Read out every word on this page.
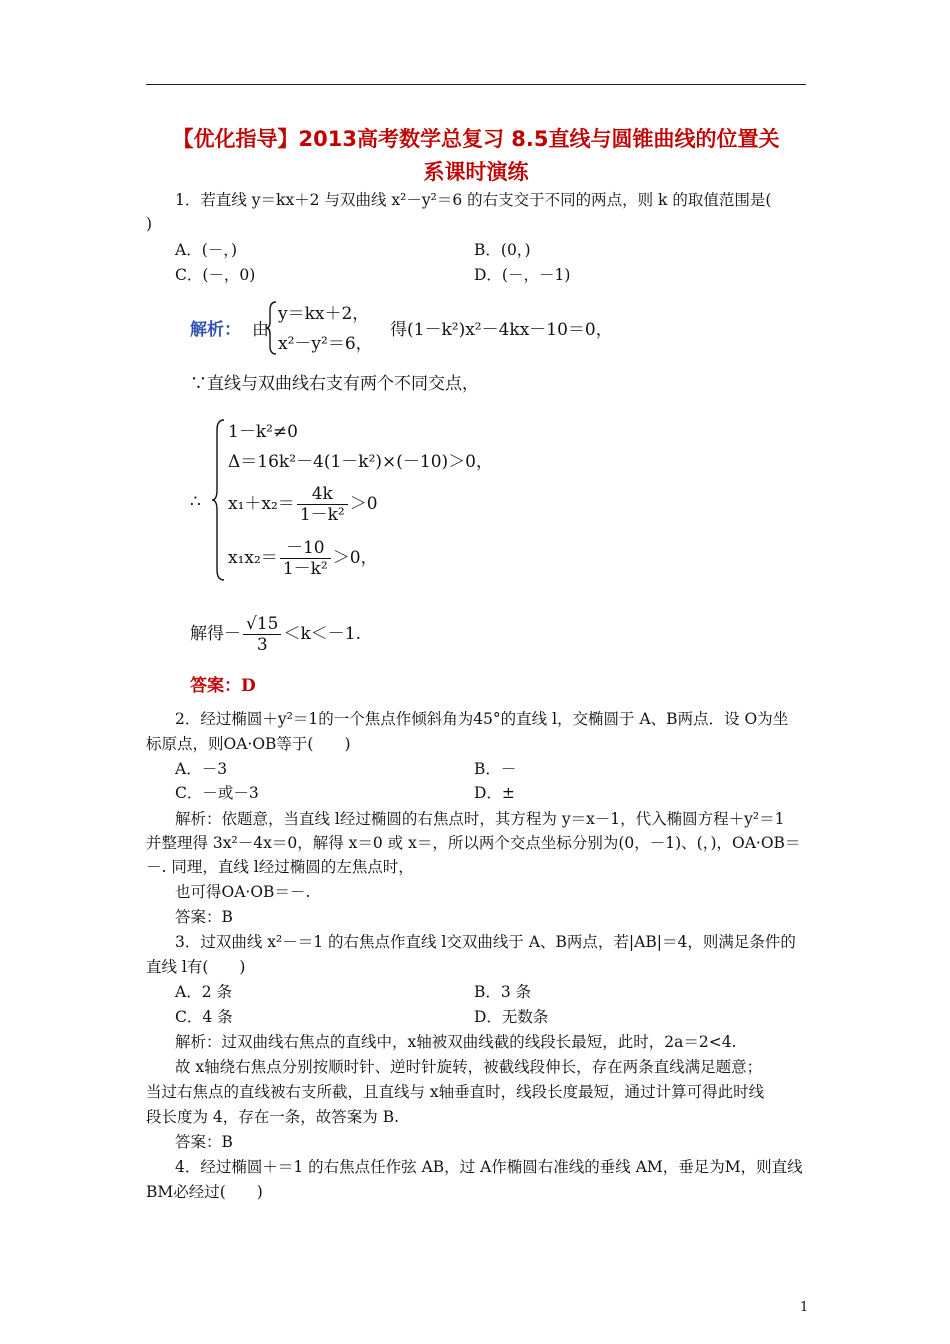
【优化指导】2013高考数学总复习 8.5直线与圆锥曲线的位置关
系课时演练
1．若直线 y＝kx＋2 与双曲线 x²－y²＝6 的右支交于不同的两点，则 k 的取值范围是(
)
A．(－，)	B．(0，)
C．(－，0)	D．(－，－1)
解析： 由
y＝kx＋2，
x²－y²＝6，
得(1－k²)x²－4kx－10＝0，
∵直线与双曲线右支有两个不同交点，
∴
1－k²≠0
Δ＝16k²－4(1－k²)×(－10)＞0，
$x_1+x_2= \frac{4k}{\text{1－k²}} >0$
$x_1x_2= \frac{-10}{\text{1－k²}} >0$，
解得－ $\frac{√15}{3} <k<-1$.
答案：D
2．经过椭圆＋y²＝1的一个焦点作倾斜角为45°的直线 l，交椭圆于 A、B两点．设 O为坐
标原点，则OA·OB等于(　　)
A．－3	B．－
C．－或－3	D．±
解析：依题意，当直线 l经过椭圆的右焦点时，其方程为 y＝x－1，代入椭圆方程＋y²＝1
并整理得 3x²－4x＝0，解得 x＝0 或 x＝，所以两个交点坐标分别为(0，－1)、(，)，OA·OB＝
－. 同理，直线 l经过椭圆的左焦点时，
也可得OA·OB＝－.
答案：B
3．过双曲线 x²－＝1 的右焦点作直线 l交双曲线于 A、B两点，若|AB|＝4，则满足条件的
直线 l有(　　)
A．2 条	B．3 条
C．4 条	D．无数条
解析：过双曲线右焦点的直线中，x轴被双曲线截的线段长最短，此时，2a＝2<4.
故 x轴绕右焦点分别按顺时针、逆时针旋转，被截线段伸长，存在两条直线满足题意；
当过右焦点的直线被右支所截，且直线与 x轴垂直时，线段长度最短，通过计算可得此时线
段长度为 4，存在一条，故答案为 B.
答案：B
4．经过椭圆＋＝1 的右焦点任作弦 AB，过 A作椭圆右准线的垂线 AM，垂足为M，则直线
BM必经过(　　)
1
